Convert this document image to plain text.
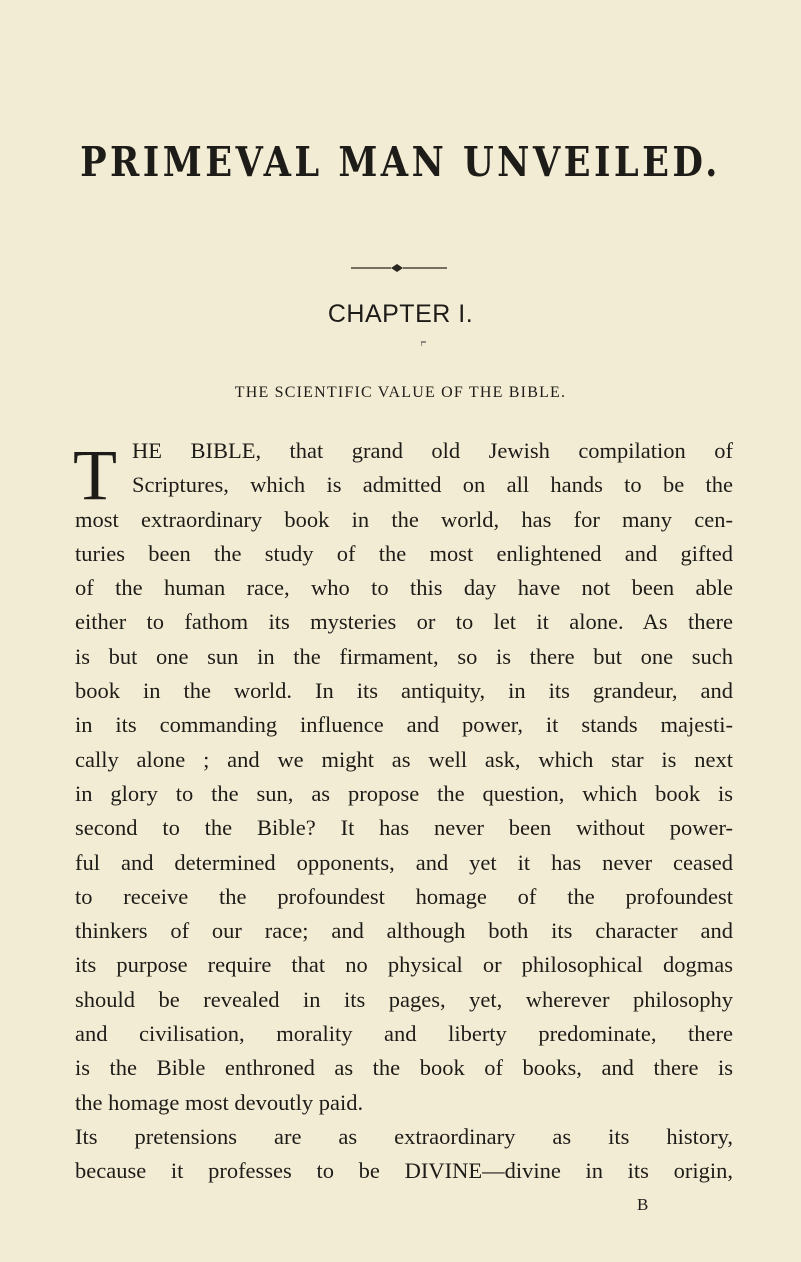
PRIMEVAL MAN UNVEILED.
CHAPTER I.
THE SCIENTIFIC VALUE OF THE BIBLE.
T HE BIBLE, that grand old Jewish compilation of
Scriptures, which is admitted on all hands to be the
most extraordinary book in the world, has for many cen-
turies been the study of the most enlightened and gifted
of the human race, who to this day have not been able
either to fathom its mysteries or to let it alone. As there
is but one sun in the firmament, so is there but one such
book in the world. In its antiquity, in its grandeur, and
in its commanding influence and power, it stands majesti-
cally alone ; and we might as well ask, which star is next
in glory to the sun, as propose the question, which book is
second to the Bible? It has never been without power-
ful and determined opponents, and yet it has never ceased
to receive the profoundest homage of the profoundest
thinkers of our race; and although both its character and
its purpose require that no physical or philosophical dogmas
should be revealed in its pages, yet, wherever philosophy
and civilisation, morality and liberty predominate, there
is the Bible enthroned as the book of books, and there is
the homage most devoutly paid.
Its pretensions are as extraordinary as its history,
because it professes to be DIVINE—divine in its origin,
B
